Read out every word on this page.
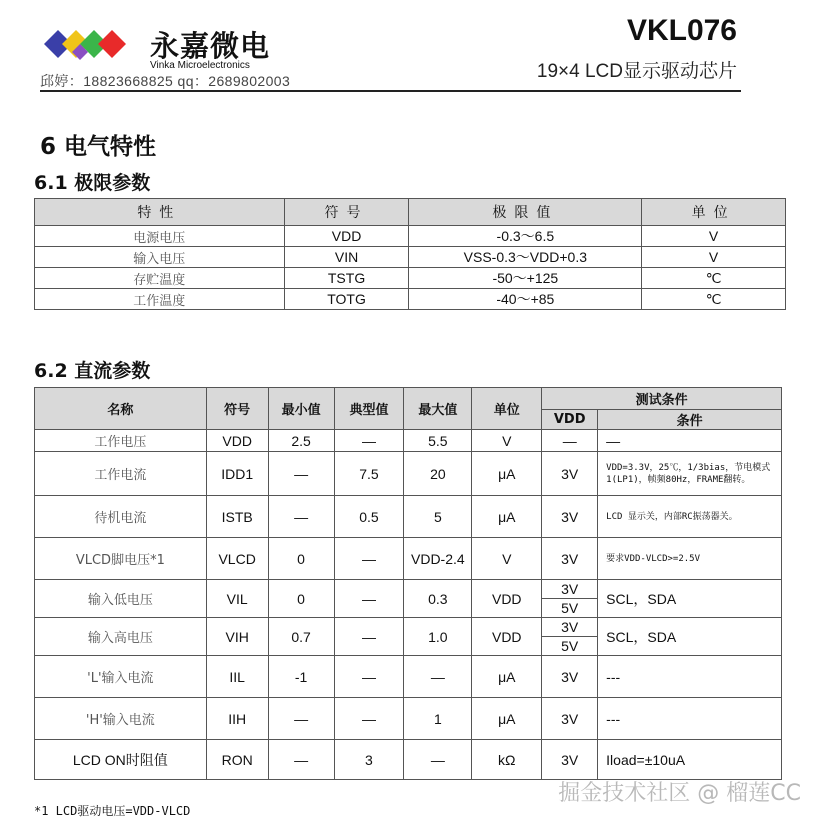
永嘉微电
Vinka Microelectronics
邱婷：18823668825 qq：2689802003
VKL076
19×4 LCD显示驱动芯片
6 电气特性
6.1 极限参数
特性	符号	极限值	单位
电源电压	VDD	-0.3～6.5	V
输入电压	VIN	VSS-0.3～VDD+0.3	V
存贮温度	TSTG	-50～+125	℃
工作温度	TOTG	-40～+85	℃
6.2 直流参数
名称	符号	最小值	典型值	最大值	单位	测试条件	
						VDD	条件
工作电压	VDD	2.5	—	5.5	V	—	—
工作电流	IDD1	—	7.5	20	μA	3V	VDD=3.3V，25℃，1/3bias，节电模式1(LP1)，帧频80Hz，FRAME翻转。
待机电流	ISTB	—	0.5	5	μA	3V	LCD 显示关，内部RC振荡器关。
VLCD脚电压*1	VLCD	0	—	VDD-2.4	V	3V	要求VDD-VLCD>=2.5V
输入低电压	VIL	0	—	0.3	VDD	3V	SCL，SDA
						5V	
输入高电压	VIH	0.7	—	1.0	VDD	3V	SCL，SDA
						5V	
'L'输入电流	IIL	-1	—	—	μA	3V	---
'H'输入电流	IIH	—	—	1	μA	3V	---
LCD ON时阻值	RON	—	3	—	kΩ	3V	Iload=±10uA
*1 LCD驱动电压=VDD-VLCD
掘金技术社区 @ 榴莲CC
